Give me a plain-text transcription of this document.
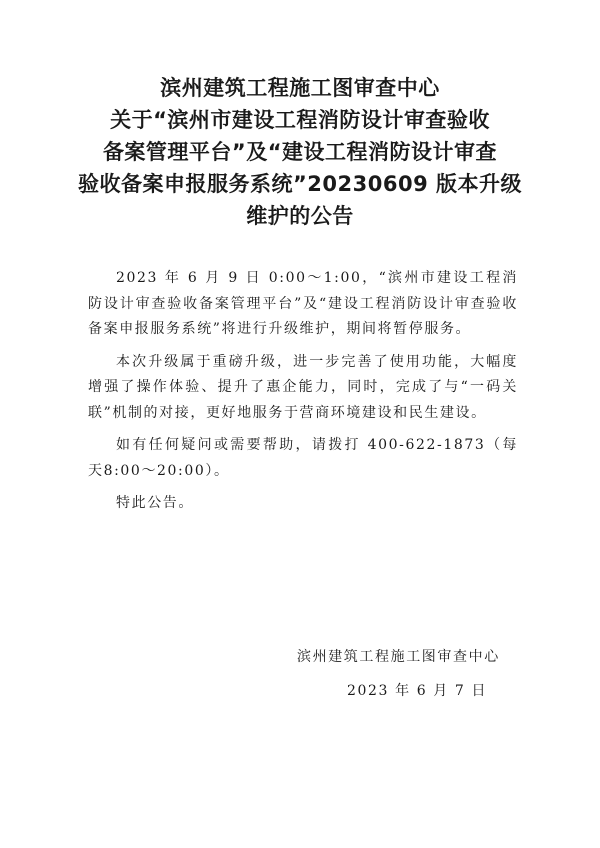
滨州建筑工程施工图审查中心
关于“滨州市建设工程消防设计审查验收
备案管理平台”及“建设工程消防设计审查
验收备案申报服务系统”20230609 版本升级
维护的公告

2023 年 6 月 9 日 0:00～1:00，“滨州市建设工程消防设计审查验收备案管理平台”及“建设工程消防设计审查验收备案申报服务系统”将进行升级维护，期间将暂停服务。

本次升级属于重磅升级，进一步完善了使用功能，大幅度增强了操作体验、提升了惠企能力，同时，完成了与“一码关联”机制的对接，更好地服务于营商环境建设和民生建设。

如有任何疑问或需要帮助，请拨打 400-622-1873（每天8:00～20:00）。

特此公告。

滨州建筑工程施工图审查中心
2023 年 6 月 7 日
